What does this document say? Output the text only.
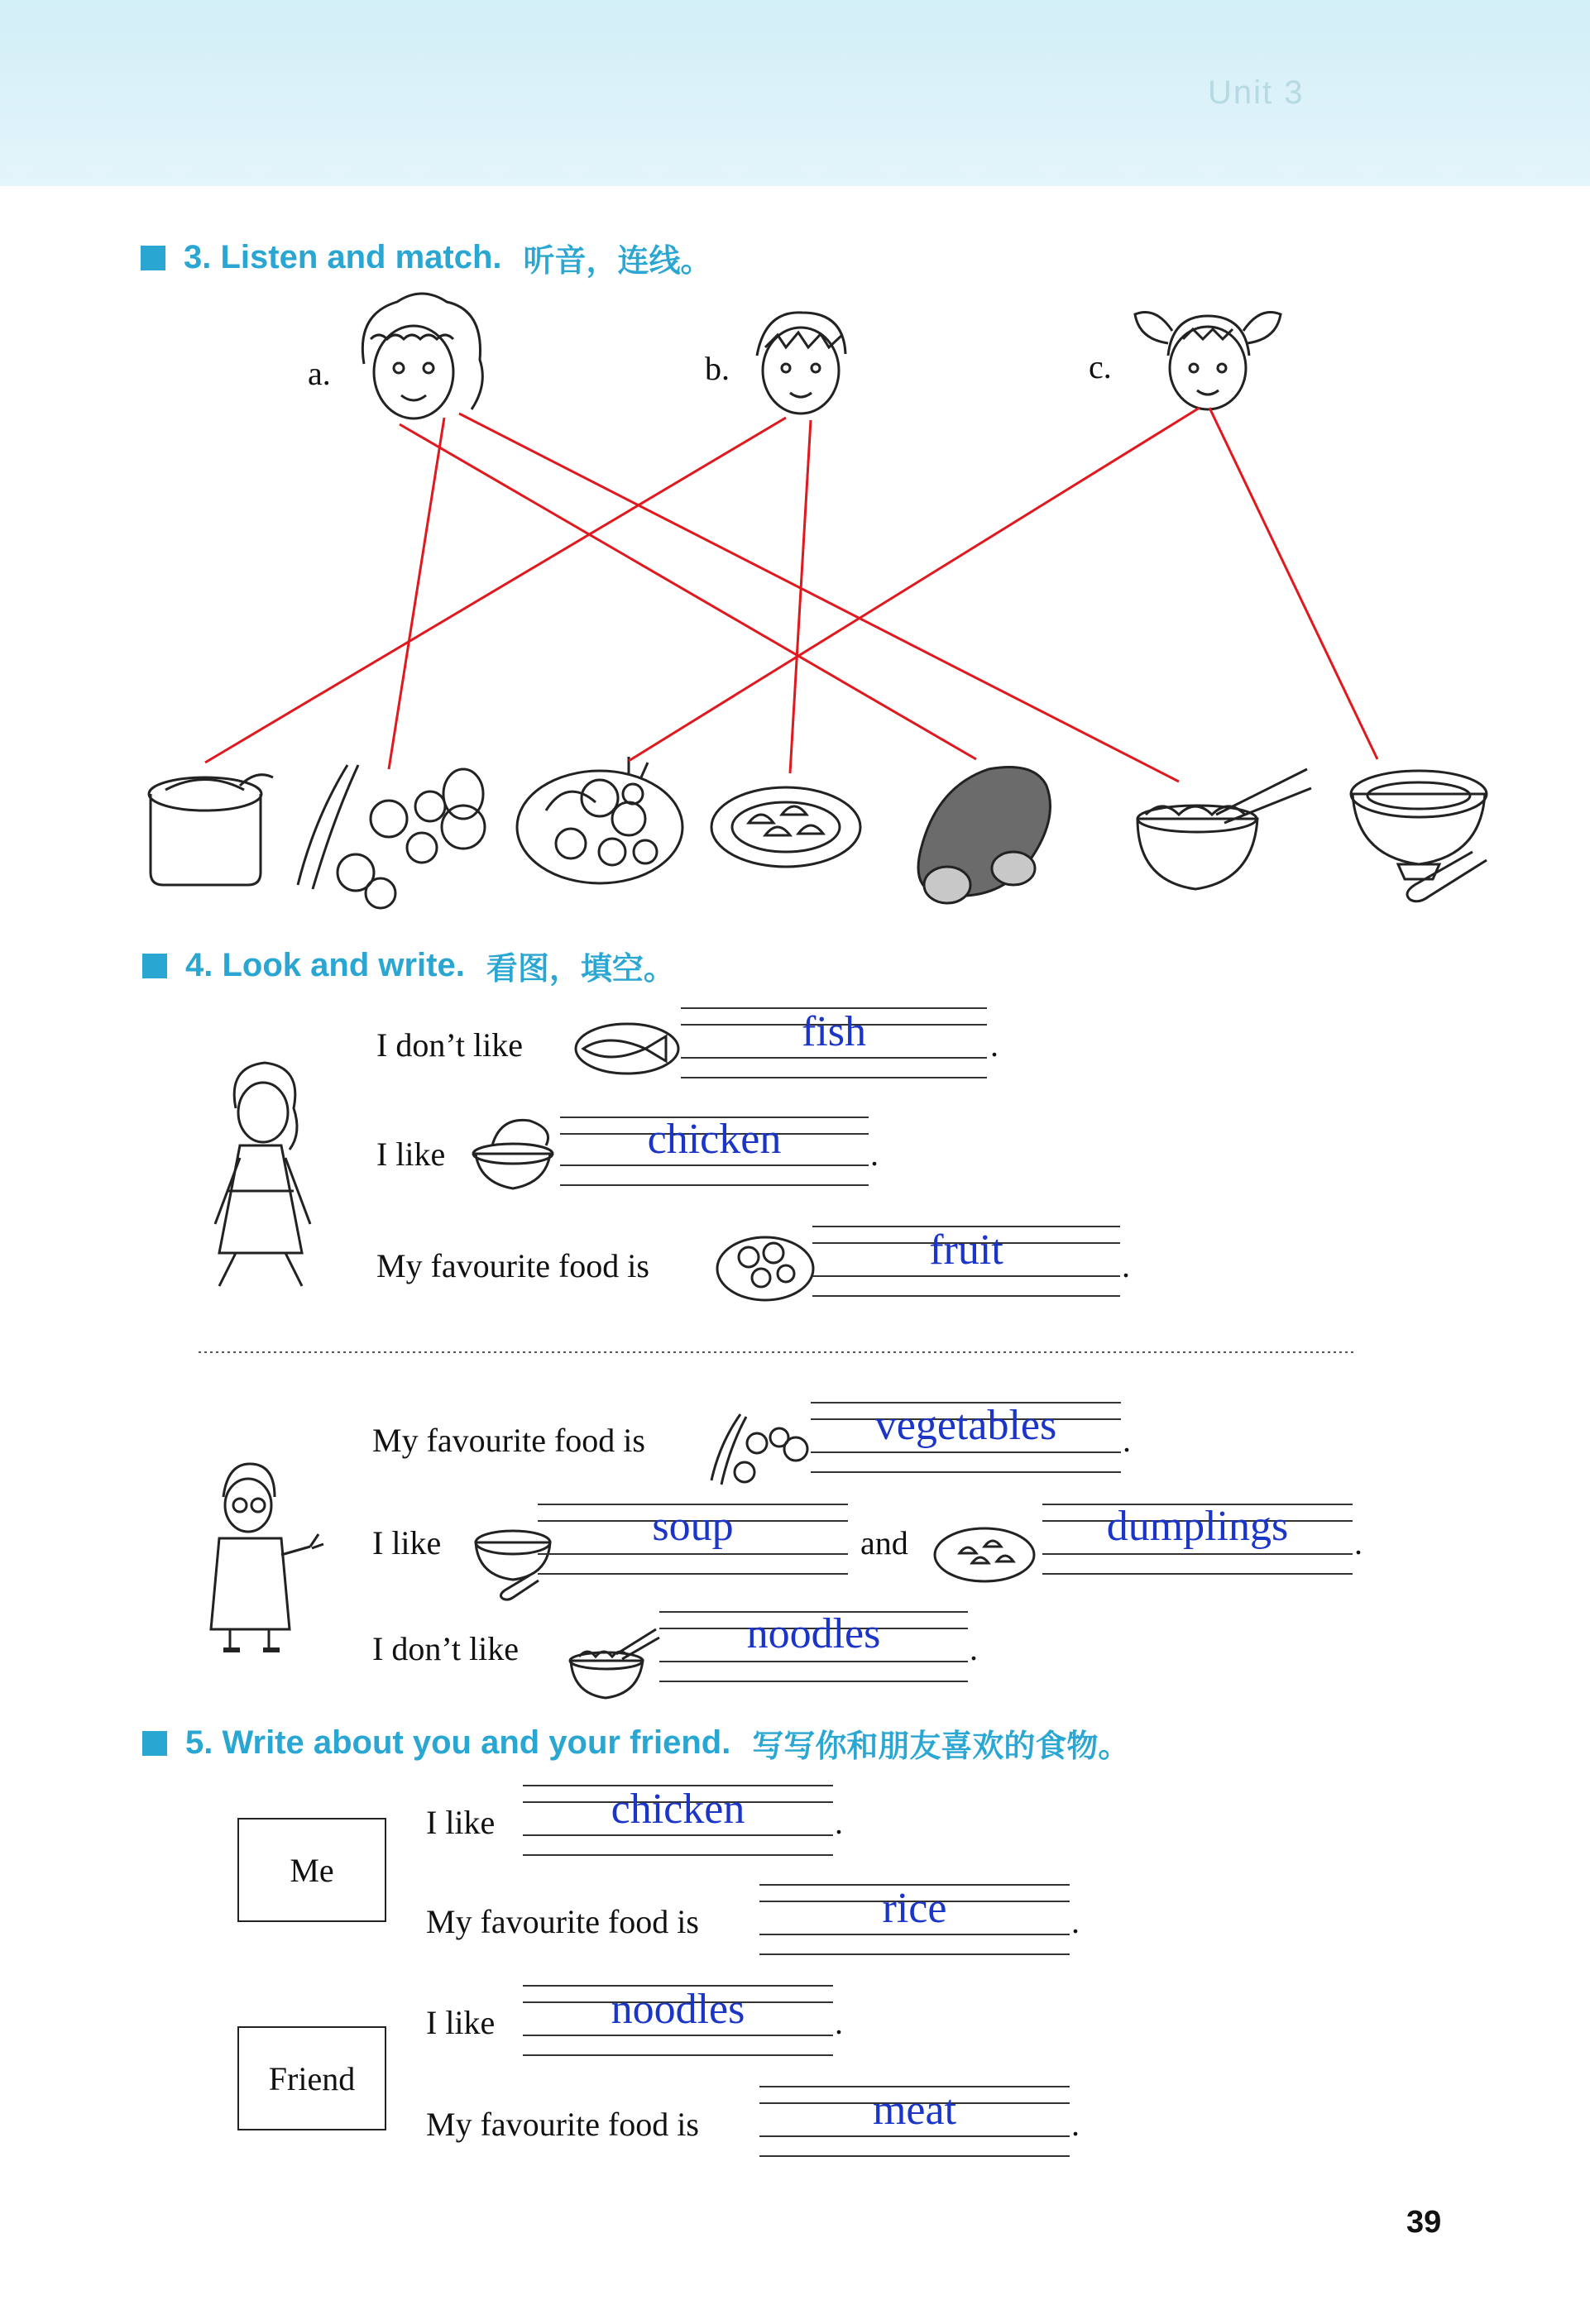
Unit 3
3. Listen and match. 听音，连线。
a.	b.	c.
4. Look and write. 看图，填空。
I don’t like	fish	.
I like	chicken	.
My favourite food is	fruit	.
My favourite food is	vegetables	.
I like	soup	and	dumplings	.
I don’t like	noodles	.
5. Write about you and your friend. 写写你和朋友喜欢的食物。
Me
Friend
I like	chicken	.
My favourite food is	rice	.
I like	noodles	.
My favourite food is	meat	.
39
